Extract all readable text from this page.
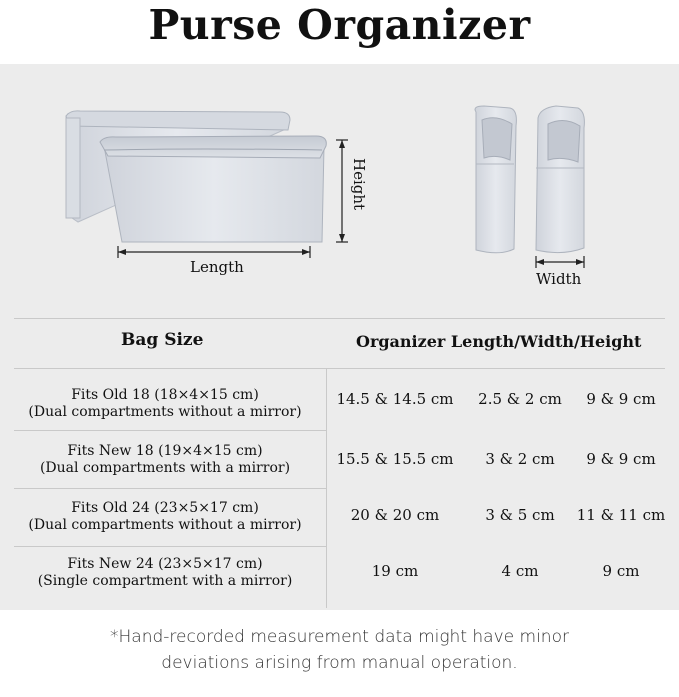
Purse Organizer
Length
Height
Width
Bag Size	Organizer Length/Width/Height
Fits Old 18 (18×4×15 cm)
(Dual compartments without a mirror)
14.5 & 14.5 cm	2.5 & 2 cm	9 & 9 cm
Fits New 18 (19×4×15 cm)
(Dual compartments with a mirror)	15.5 & 15.5 cm	3 & 2 cm	9 & 9 cm
Fits Old 24 (23×5×17 cm)
(Dual compartments without a mirror)
20 & 20 cm	3 & 5 cm	11 & 11 cm
Fits New 24 (23×5×17 cm)
(Single compartment with a mirror)
19 cm	4 cm	9 cm
*Hand-recorded measurement data might have minor
deviations arising from manual operation.
